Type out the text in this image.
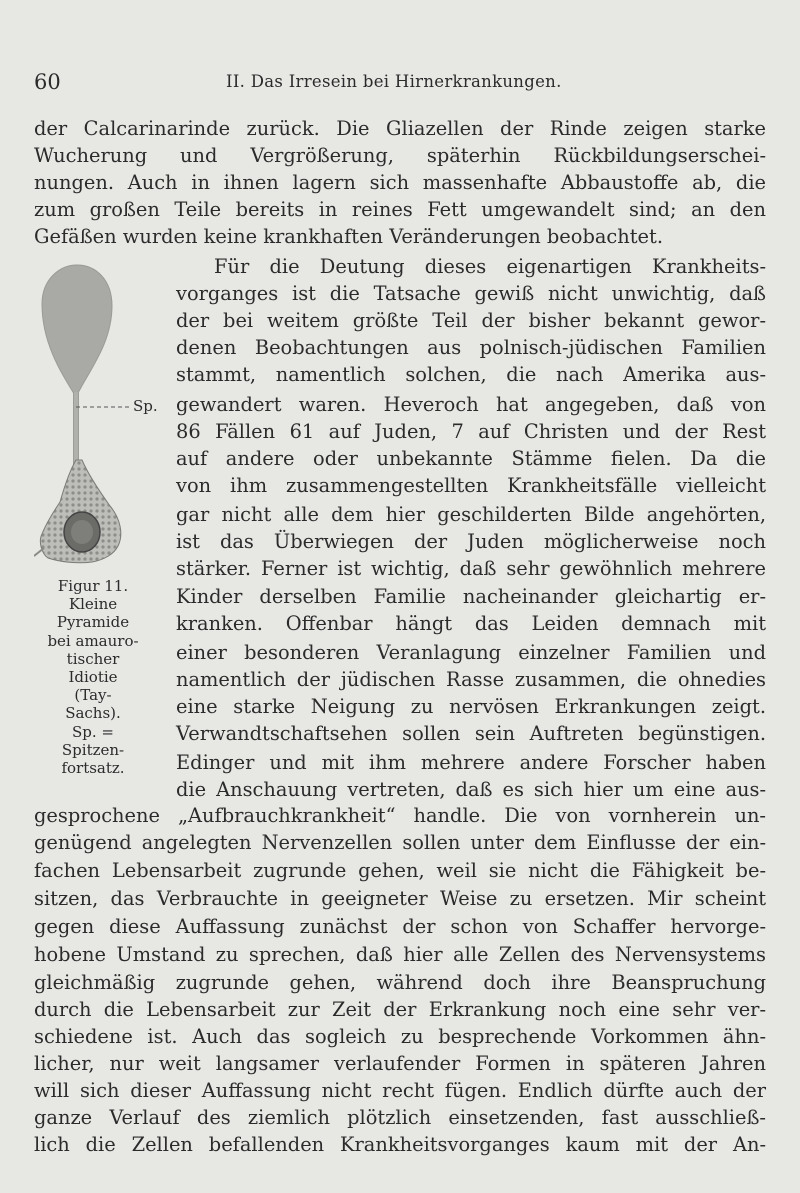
60	II. Das Irresein bei Hirnerkrankungen.
der Calcarinarinde zurück. Die Gliazellen der Rinde zeigen starke
Wucherung und Vergrößerung, späterhin Rückbildungserschei-
nungen. Auch in ihnen lagern sich massenhafte Abbaustoffe ab, die
zum großen Teile bereits in reines Fett umgewandelt sind; an den
Gefäßen wurden keine krankhaften Veränderungen beobachtet.
Für die Deutung dieses eigenartigen Krankheits-
vorganges ist die Tatsache gewiß nicht unwichtig, daß
der bei weitem größte Teil der bisher bekannt gewor-
denen Beobachtungen aus polnisch-jüdischen Familien
stammt, namentlich solchen, die nach Amerika aus-
gewandert waren. Heveroch hat angegeben, daß von
86 Fällen 61 auf Juden, 7 auf Christen und der Rest
auf andere oder unbekannte Stämme fielen. Da die
von ihm zusammengestellten Krankheitsfälle vielleicht
gar nicht alle dem hier geschilderten Bilde angehörten,
ist das Überwiegen der Juden möglicherweise noch
stärker. Ferner ist wichtig, daß sehr gewöhnlich mehrere
Kinder derselben Familie nacheinander gleichartig er-
kranken. Offenbar hängt das Leiden demnach mit
einer besonderen Veranlagung einzelner Familien und
namentlich der jüdischen Rasse zusammen, die ohnedies
eine starke Neigung zu nervösen Erkrankungen zeigt.
Verwandtschaftsehen sollen sein Auftreten begünstigen.
Edinger und mit ihm mehrere andere Forscher haben
die Anschauung vertreten, daß es sich hier um eine aus-
gesprochene „Aufbrauchkrankheit“ handle. Die von vornherein un-
genügend angelegten Nervenzellen sollen unter dem Einflusse der ein-
fachen Lebensarbeit zugrunde gehen, weil sie nicht die Fähigkeit be-
sitzen, das Verbrauchte in geeigneter Weise zu ersetzen. Mir scheint
gegen diese Auffassung zunächst der schon von Schaffer hervorge-
hobene Umstand zu sprechen, daß hier alle Zellen des Nervensystems
gleichmäßig zugrunde gehen, während doch ihre Beanspruchung
durch die Lebensarbeit zur Zeit der Erkrankung noch eine sehr ver-
schiedene ist. Auch das sogleich zu besprechende Vorkommen ähn-
licher, nur weit langsamer verlaufender Formen in späteren Jahren
will sich dieser Auffassung nicht recht fügen. Endlich dürfte auch der
ganze Verlauf des ziemlich plötzlich einsetzenden, fast ausschließ-
lich die Zellen befallenden Krankheitsvorganges kaum mit der An-
Sp.
Figur 11.
Kleine
Pyramide
bei amauro-
tischer
Idiotie
(Tay-
Sachs).
Sp. =
Spitzen-
fortsatz.
